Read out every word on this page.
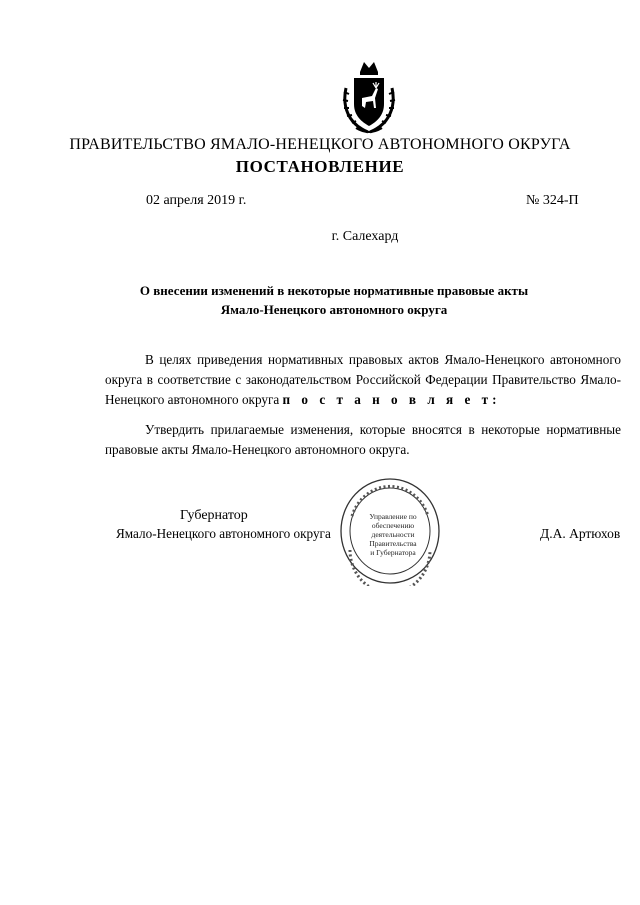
ПРАВИТЕЛЬСТВО ЯМАЛО-НЕНЕЦКОГО АВТОНОМНОГО ОКРУГА
ПОСТАНОВЛЕНИЕ
02 апреля 2019 г.	№ 324-П
г. Салехард
О внесении изменений в некоторые нормативные правовые акты
Ямало-Ненецкого автономного округа
В целях приведения нормативных правовых актов Ямало-Ненецкого автономного округа в соответствие с законодательством Российской Федерации Правительство Ямало-Ненецкого автономного округа п о с т а н о в л я е т:
Утвердить прилагаемые изменения, которые вносятся в некоторые нормативные правовые акты Ямало-Ненецкого автономного округа.
Губернатор
Ямало-Ненецкого автономного округа	Д.А. Артюхов
Управление по
обеспечению
деятельности
Правительства
и Губернатора
